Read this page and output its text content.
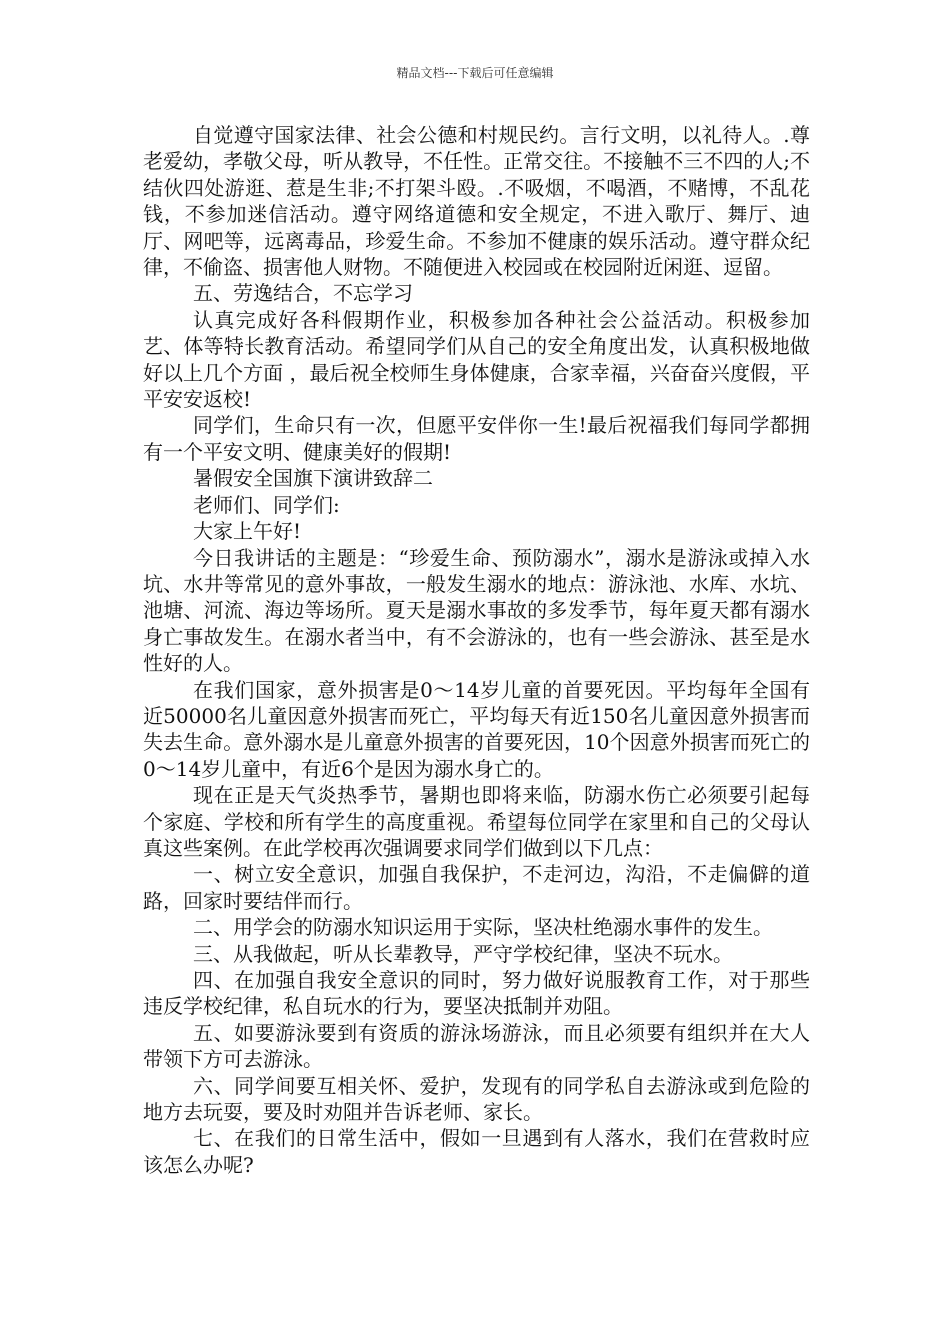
精品文档---下载后可任意编辑

自觉遵守国家法律、社会公德和村规民约。言行文明，以礼待人。.尊老爱幼，孝敬父母，听从教导，不任性。正常交往。不接触不三不四的人;不结伙四处游逛、惹是生非;不打架斗殴。.不吸烟，不喝酒，不赌博，不乱花钱，不参加迷信活动。遵守网络道德和安全规定，不进入歌厅、舞厅、迪厅、网吧等，远离毒品，珍爱生命。不参加不健康的娱乐活动。遵守群众纪律，不偷盗、损害他人财物。不随便进入校园或在校园附近闲逛、逗留。

五、劳逸结合，不忘学习

认真完成好各科假期作业，积极参加各种社会公益活动。积极参加艺、体等特长教育活动。希望同学们从自己的安全角度出发，认真积极地做好以上几个方面 ，最后祝全校师生身体健康，合家幸福，兴奋奋兴度假，平平安安返校!

同学们，生命只有一次，但愿平安伴你一生!最后祝福我们每同学都拥有一个平安文明、健康美好的假期!

暑假安全国旗下演讲致辞二

老师们、同学们:

大家上午好!

今日我讲话的主题是：“珍爱生命、预防溺水”，溺水是游泳或掉入水坑、水井等常见的意外事故，一般发生溺水的地点：游泳池、水库、水坑、池塘、河流、海边等场所。夏天是溺水事故的多发季节，每年夏天都有溺水身亡事故发生。在溺水者当中，有不会游泳的，也有一些会游泳、甚至是水性好的人。

在我们国家，意外损害是0～14岁儿童的首要死因。平均每年全国有近50000名儿童因意外损害而死亡，平均每天有近150名儿童因意外损害而失去生命。意外溺水是儿童意外损害的首要死因，10个因意外损害而死亡的0～14岁儿童中，有近6个是因为溺水身亡的。

现在正是天气炎热季节，暑期也即将来临，防溺水伤亡必须要引起每个家庭、学校和所有学生的高度重视。希望每位同学在家里和自己的父母认真这些案例。在此学校再次强调要求同学们做到以下几点：

一、树立安全意识，加强自我保护，不走河边，沟沿，不走偏僻的道路，回家时要结伴而行。

二、用学会的防溺水知识运用于实际，坚决杜绝溺水事件的发生。

三、从我做起，听从长辈教导，严守学校纪律，坚决不玩水。

四、在加强自我安全意识的同时，努力做好说服教育工作，对于那些违反学校纪律，私自玩水的行为，要坚决抵制并劝阻。

五、如要游泳要到有资质的游泳场游泳，而且必须要有组织并在大人带领下方可去游泳。

六、同学间要互相关怀、爱护，发现有的同学私自去游泳或到危险的地方去玩耍，要及时劝阻并告诉老师、家长。

七、在我们的日常生活中，假如一旦遇到有人落水，我们在营救时应该怎么办呢?
